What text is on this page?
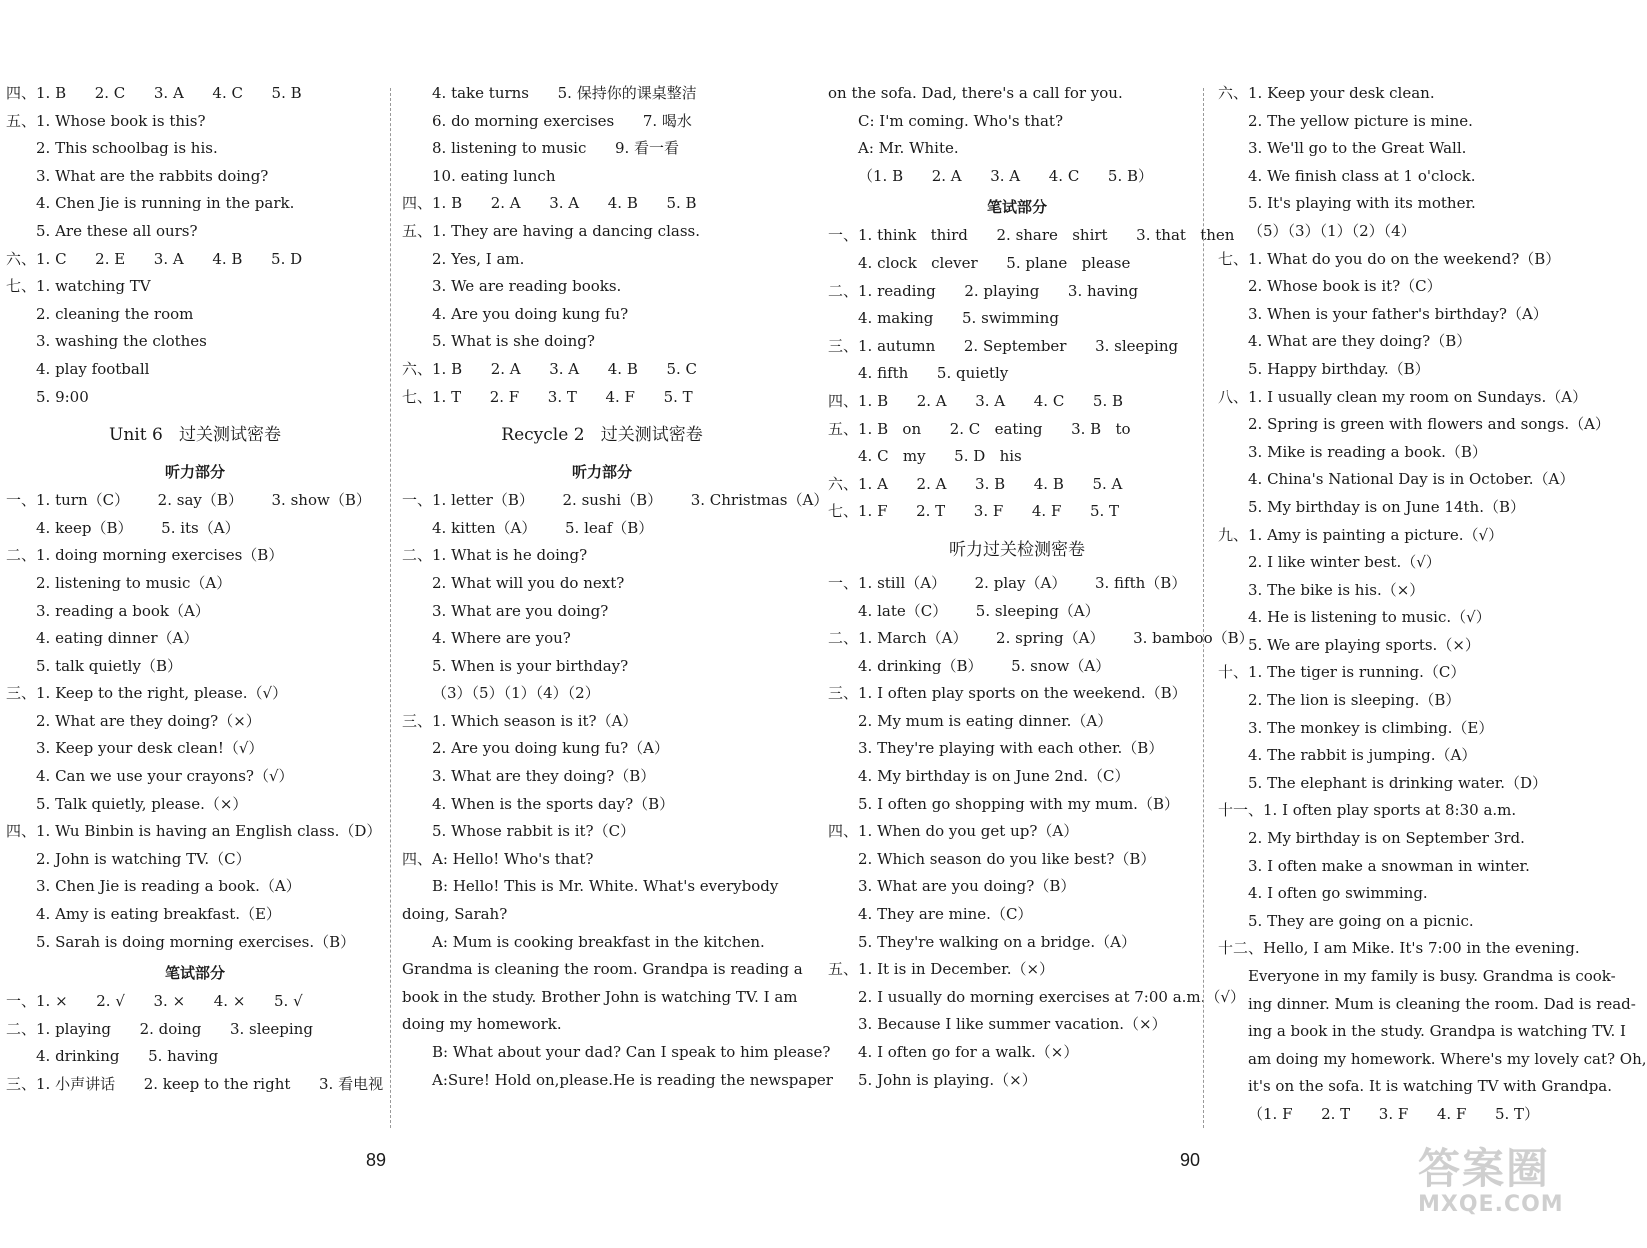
四、1. B      2. C      3. A      4. C      5. B
五、1. Whose book is this?
2. This schoolbag is his.
3. What are the rabbits doing?
4. Chen Jie is running in the park.
5. Are these all ours?
六、1. C      2. E      3. A      4. B      5. D
七、1. watching TV
2. cleaning the room
3. washing the clothes
4. play football
5. 9:00
Unit 6   过关测试密卷
听力部分
一、1. turn（C）      2. say（B）      3. show（B）
4. keep（B）      5. its（A）
二、1. doing morning exercises（B）
2. listening to music（A）
3. reading a book（A）
4. eating dinner（A）
5. talk quietly（B）
三、1. Keep to the right, please.（√）
2. What are they doing?（×）
3. Keep your desk clean!（√）
4. Can we use your crayons?（√）
5. Talk quietly, please.（×）
四、1. Wu Binbin is having an English class.（D）
2. John is watching TV.（C）
3. Chen Jie is reading a book.（A）
4. Amy is eating breakfast.（E）
5. Sarah is doing morning exercises.（B）
笔试部分
一、1. ×      2. √      3. ×      4. ×      5. √
二、1. playing      2. doing      3. sleeping
4. drinking      5. having
三、1. 小声讲话      2. keep to the right      3. 看电视
4. take turns      5. 保持你的课桌整洁
6. do morning exercises      7. 喝水
8. listening to music      9. 看一看
10. eating lunch
四、1. B      2. A      3. A      4. B      5. B
五、1. They are having a dancing class.
2. Yes, I am.
3. We are reading books.
4. Are you doing kung fu?
5. What is she doing?
六、1. B      2. A      3. A      4. B      5. C
七、1. T      2. F      3. T      4. F      5. T
Recycle 2   过关测试密卷
听力部分
一、1. letter（B）      2. sushi（B）      3. Christmas（A）
4. kitten（A）      5. leaf（B）
二、1. What is he doing?
2. What will you do next?
3. What are you doing?
4. Where are you?
5. When is your birthday?
（3）（5）（1）（4）（2）
三、1. Which season is it?（A）
2. Are you doing kung fu?（A）
3. What are they doing?（B）
4. When is the sports day?（B）
5. Whose rabbit is it?（C）
四、A: Hello! Who's that?
B: Hello! This is Mr. White. What's everybody
doing, Sarah?
A: Mum is cooking breakfast in the kitchen.
Grandma is cleaning the room. Grandpa is reading a
book in the study. Brother John is watching TV. I am
doing my homework.
B: What about your dad? Can I speak to him please?
A:Sure! Hold on,please.He is reading the newspaper
on the sofa. Dad, there's a call for you.
C: I'm coming. Who's that?
A: Mr. White.
（1. B      2. A      3. A      4. C      5. B）
笔试部分
一、1. think   third      2. share   shirt      3. that   then
4. clock   clever      5. plane   please
二、1. reading      2. playing      3. having
4. making      5. swimming
三、1. autumn      2. September      3. sleeping
4. fifth      5. quietly
四、1. B      2. A      3. A      4. C      5. B
五、1. B   on      2. C   eating      3. B   to
4. C   my      5. D   his
六、1. A      2. A      3. B      4. B      5. A
七、1. F      2. T      3. F      4. F      5. T
听力过关检测密卷
一、1. still（A）      2. play（A）      3. fifth（B）
4. late（C）      5. sleeping（A）
二、1. March（A）      2. spring（A）      3. bamboo（B）
4. drinking（B）      5. snow（A）
三、1. I often play sports on the weekend.（B）
2. My mum is eating dinner.（A）
3. They're playing with each other.（B）
4. My birthday is on June 2nd.（C）
5. I often go shopping with my mum.（B）
四、1. When do you get up?（A）
2. Which season do you like best?（B）
3. What are you doing?（B）
4. They are mine.（C）
5. They're walking on a bridge.（A）
五、1. It is in December.（×）
2. I usually do morning exercises at 7:00 a.m.（√）
3. Because I like summer vacation.（×）
4. I often go for a walk.（×）
5. John is playing.（×）
六、1. Keep your desk clean.
2. The yellow picture is mine.
3. We'll go to the Great Wall.
4. We finish class at 1 o'clock.
5. It's playing with its mother.
（5）（3）（1）（2）（4）
七、1. What do you do on the weekend?（B）
2. Whose book is it?（C）
3. When is your father's birthday?（A）
4. What are they doing?（B）
5. Happy birthday.（B）
八、1. I usually clean my room on Sundays.（A）
2. Spring is green with flowers and songs.（A）
3. Mike is reading a book.（B）
4. China's National Day is in October.（A）
5. My birthday is on June 14th.（B）
九、1. Amy is painting a picture.（√）
2. I like winter best.（√）
3. The bike is his.（×）
4. He is listening to music.（√）
5. We are playing sports.（×）
十、1. The tiger is running.（C）
2. The lion is sleeping.（B）
3. The monkey is climbing.（E）
4. The rabbit is jumping.（A）
5. The elephant is drinking water.（D）
十一、1. I often play sports at 8:30 a.m.
2. My birthday is on September 3rd.
3. I often make a snowman in winter.
4. I often go swimming.
5. They are going on a picnic.
十二、Hello, I am Mike. It's 7:00 in the evening.
Everyone in my family is busy. Grandma is cook-
ing dinner. Mum is cleaning the room. Dad is read-
ing a book in the study. Grandpa is watching TV. I
am doing my homework. Where's my lovely cat? Oh,
it's on the sofa. It is watching TV with Grandpa.
（1. F      2. T      3. F      4. F      5. T）
89	90	答案圈
MXQE.COM
